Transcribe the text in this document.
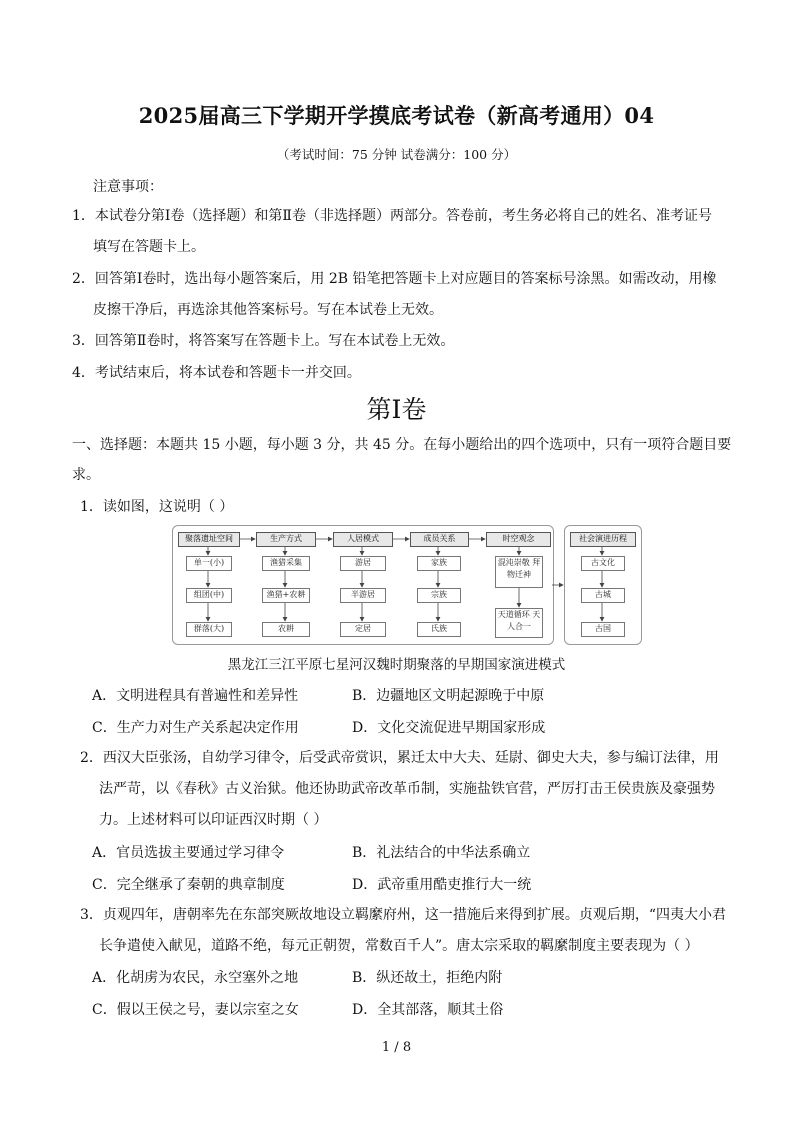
2025届高三下学期开学摸底考试卷（新高考通用）04
（考试时间：75 分钟 试卷满分：100 分）
注意事项：
1．本试卷分第Ⅰ卷（选择题）和第Ⅱ卷（非选择题）两部分。答卷前，考生务必将自己的姓名、准考证号
填写在答题卡上。
2．回答第Ⅰ卷时，选出每小题答案后，用 2B 铅笔把答题卡上对应题目的答案标号涂黑。如需改动，用橡
皮擦干净后，再选涂其他答案标号。写在本试卷上无效。
3．回答第Ⅱ卷时，将答案写在答题卡上。写在本试卷上无效。
4．考试结束后，将本试卷和答题卡一并交回。
第Ⅰ卷
一、选择题：本题共 15 小题，每小题 3 分，共 45 分。在每小题给出的四个选项中，只有一项符合题目要
求。
1．读如图，这说明（ ）
聚落遗址空间	生产方式	人居模式	成员关系	时空观念	社会演进历程
单一(小)
组团(中)
群落(大)
渔猎采集
渔猎+农耕
农耕
游居
半游居
定居
家族
宗族
氏族
混沌崇敬 拜物迁神
天道循环 天人合一
古文化
古城
古国
黑龙江三江平原七星河汉魏时期聚落的早期国家演进模式
A．文明进程具有普遍性和差异性	B．边疆地区文明起源晚于中原
C．生产力对生产关系起决定作用	D．文化交流促进早期国家形成
2．西汉大臣张汤，自幼学习律令，后受武帝赏识，累迁太中大夫、廷尉、御史大夫，参与编订法律，用
法严苛，以《春秋》古义治狱。他还协助武帝改革币制，实施盐铁官营，严厉打击王侯贵族及豪强势
力。上述材料可以印证西汉时期（ ）
A．官员选拔主要通过学习律令	B．礼法结合的中华法系确立
C．完全继承了秦朝的典章制度	D．武帝重用酷吏推行大一统
3．贞观四年，唐朝率先在东部突厥故地设立羁縻府州，这一措施后来得到扩展。贞观后期，“四夷大小君
长争遣使入献见，道路不绝，每元正朝贺，常数百千人”。唐太宗采取的羁縻制度主要表现为（ ）
A．化胡虏为农民，永空塞外之地	B．纵还故土，拒绝内附
C．假以王侯之号，妻以宗室之女	D．全其部落，顺其土俗
1 / 8
